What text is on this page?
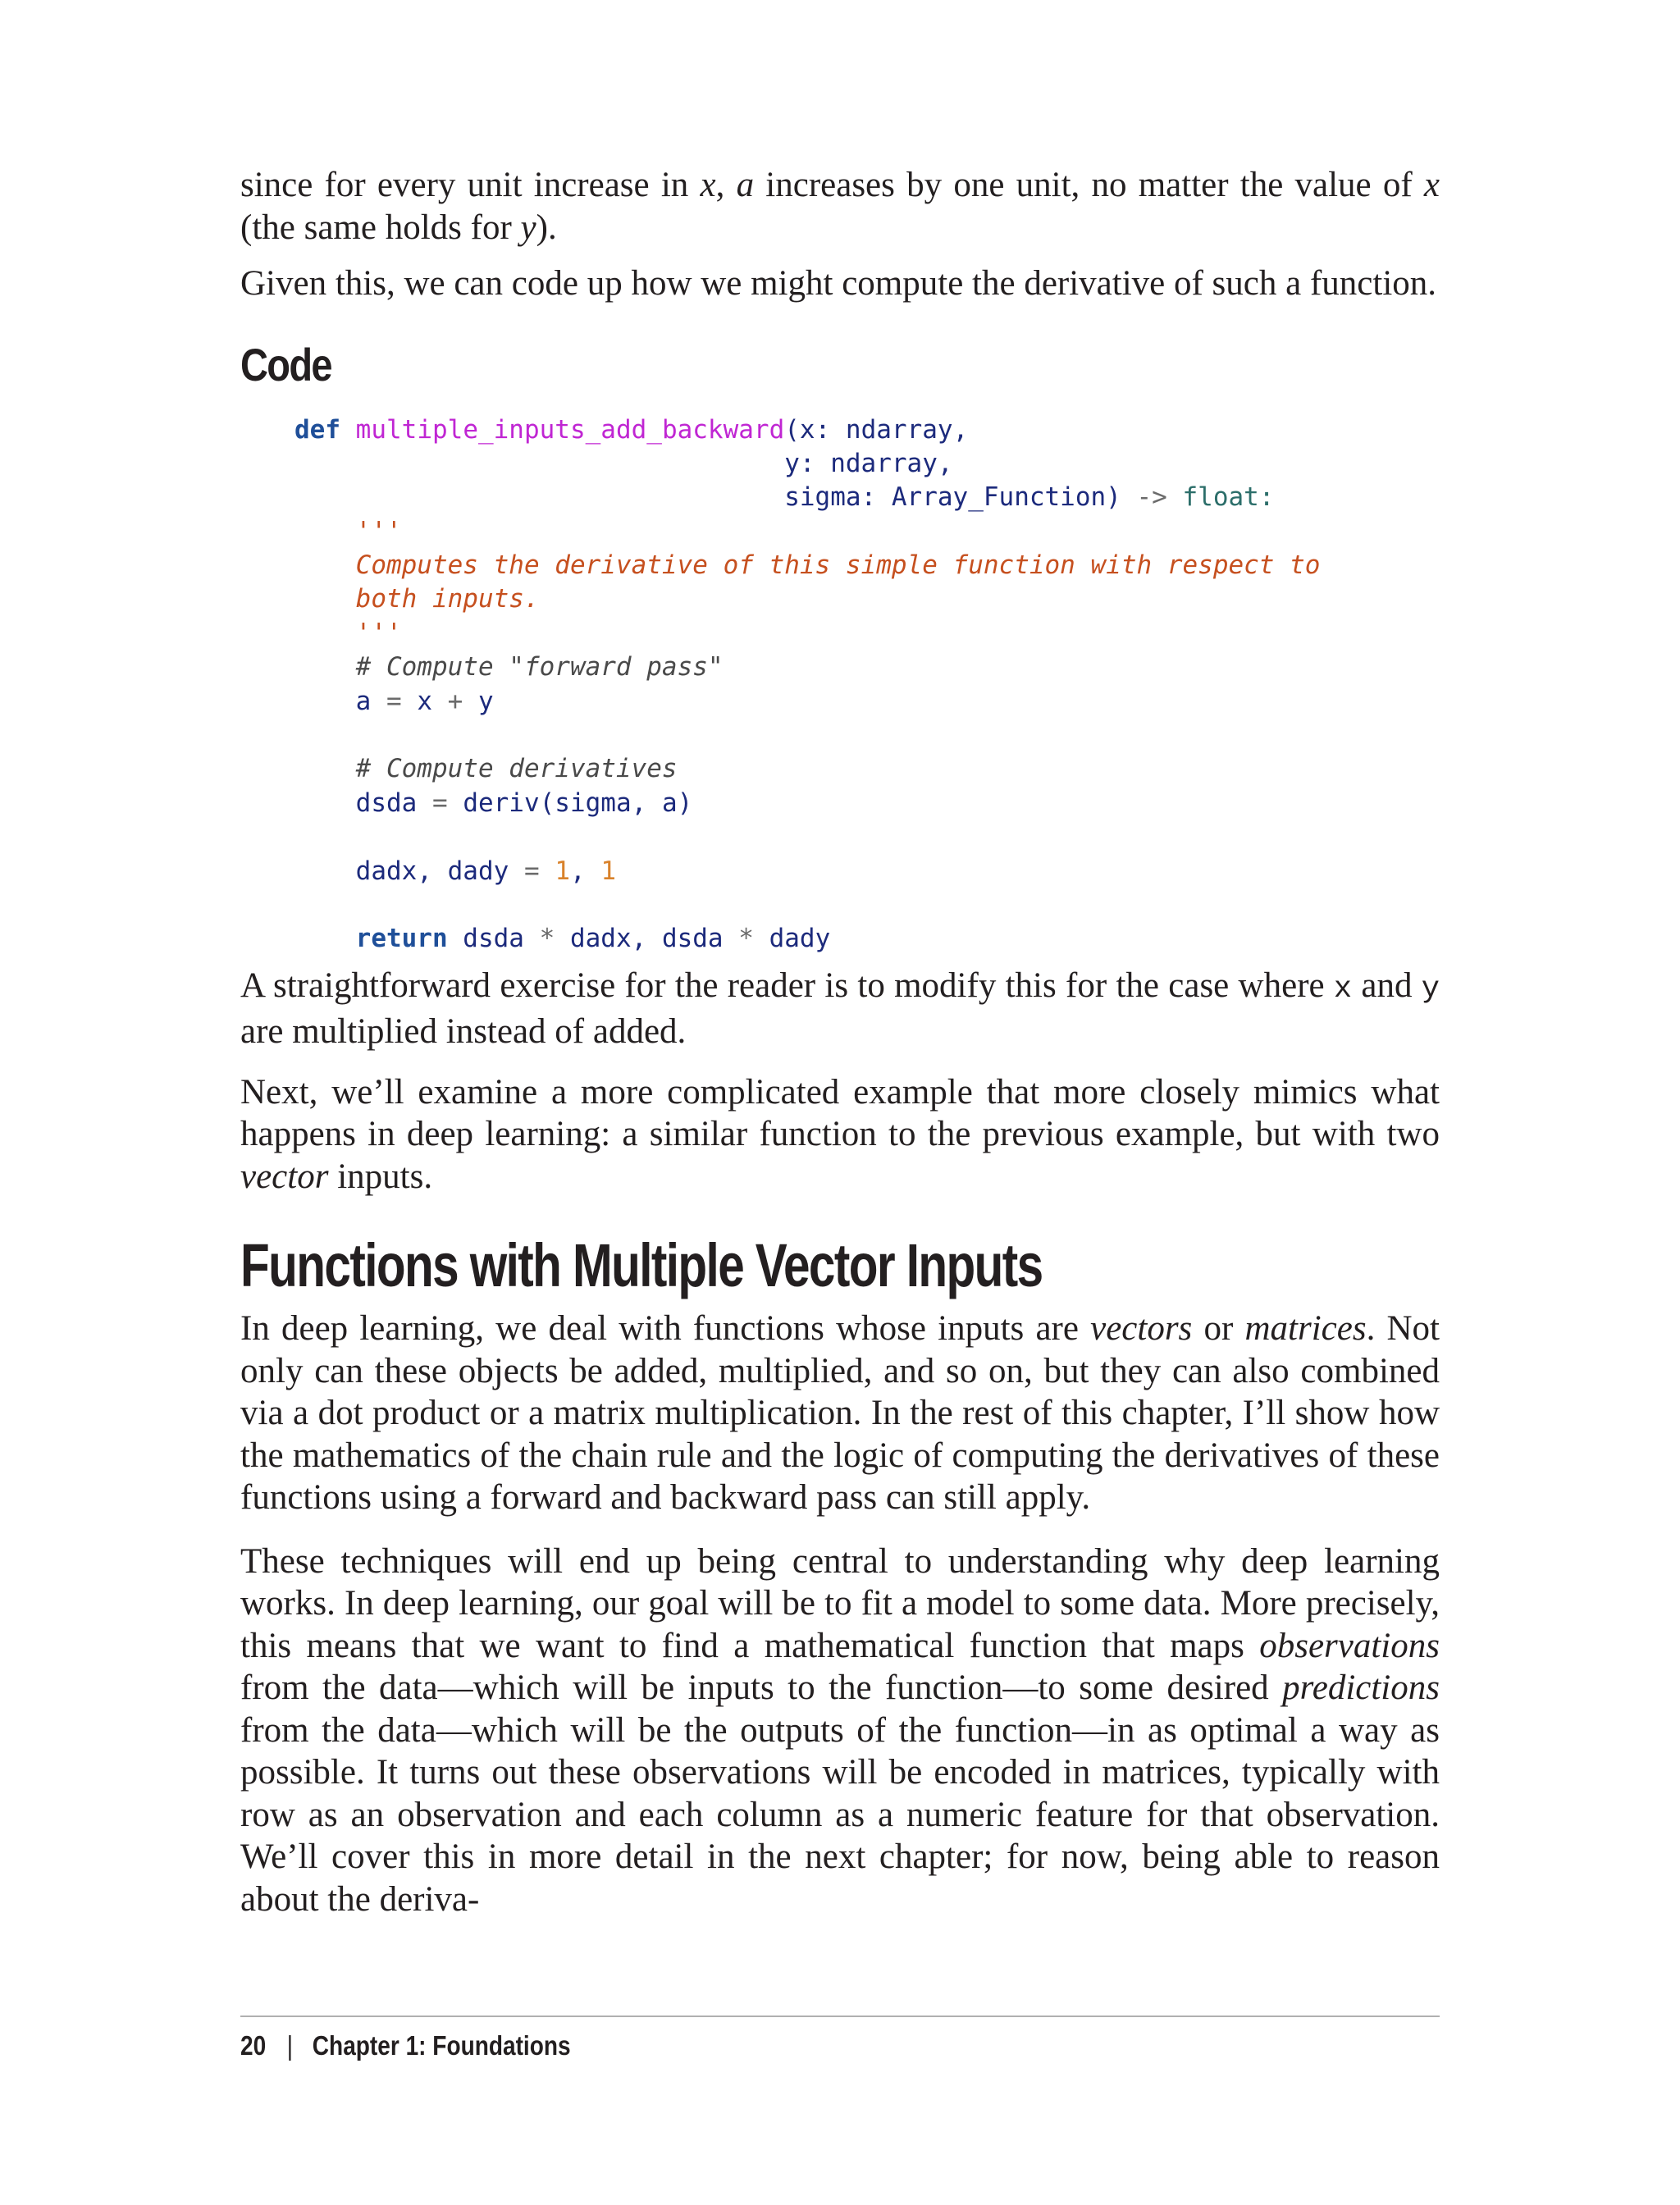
since for every unit increase in x, a increases by one unit, no matter the value of x (the same holds for y).

Given this, we can code up how we might compute the derivative of such a function.

Code
def multiple_inputs_add_backward(x: ndarray,
y: ndarray,
sigma: Array_Function) -> float:
'''
Computes the derivative of this simple function with respect to
both inputs.
'''
# Compute "forward pass"
a = x + y
# Compute derivatives
dsda = deriv(sigma, a)
dadx, dady = 1, 1
return dsda * dadx, dsda * dady

A straightforward exercise for the reader is to modify this for the case where x and y are multiplied instead of added.

Next, we’ll examine a more complicated example that more closely mimics what happens in deep learning: a similar function to the previous example, but with two vector inputs.

Functions with Multiple Vector Inputs

In deep learning, we deal with functions whose inputs are vectors or matrices. Not only can these objects be added, multiplied, and so on, but they can also combined via a dot product or a matrix multiplication. In the rest of this chapter, I’ll show how the mathematics of the chain rule and the logic of computing the derivatives of these functions using a forward and backward pass can still apply.

These techniques will end up being central to understanding why deep learning works. In deep learning, our goal will be to fit a model to some data. More precisely, this means that we want to find a mathematical function that maps observations from the data—which will be inputs to the function—to some desired predictions from the data—which will be the outputs of the function—in as optimal a way as possible. It turns out these observations will be encoded in matrices, typically with row as an observation and each column as a numeric feature for that observation. We’ll cover this in more detail in the next chapter; for now, being able to reason about the deriva-

20 | Chapter 1: Foundations
